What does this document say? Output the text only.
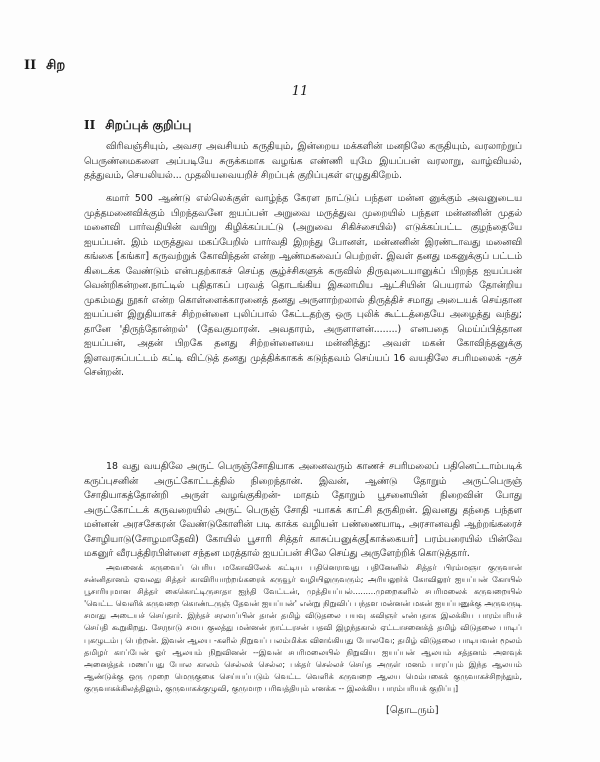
II சிற
11
II சிறப்புக் குறிப்பு
விரிவஞ்சியும், அவசர அவசியம் கருதியும், இன்றைய மக்களின் மனநிலே கருதியும், வரலாற்றுப் பெருண்மைகளை அப்படியே சுருக்கமாக வழங்க எண்ணி யுமே இயப்பன் வரலாறு, வாழ்வியல், தத்துவம், செயலியல்... முதலியவையறிச் சிறப்புக் குறிப்புகள் எழுதுகிறேம்.
கமார் 500 ஆண்டு எல்லெக்குள் வாழ்ந்த கேரள நாட்டுப் பந்தள மன்ன னுக்கும் அவனுடைய முத்தமனைவிக்கும் பிறந்தவனே ஐயப்பன் அறுவை மருத்துவ முறையில் பந்தள மன்னனின் முதல் மனைவி பார்வதியின் வயிறு கிழிக்கப்பட்டு (அறுவை சிகிச்சையில்) எடுக்கப்பட்ட குழந்தையே ஐயப்பன். இம் மருத்துவ மகப்பேறில் பார்வதி இறந்து போனள், மன்னனின் இரண்டாவது மனைவி கங்கை [கங்கா] கருவற்றுக் கோவிந்தன் என்ற ஆண்மகவைப் பெற்றள். இவள் தனது மகனுக்குப் பட்டம் கிடைக்க வேண்டும் என்பதற்காகச் செய்த சூழ்ச்சிகளுக் கருவில் திருவுடையானுக்ப் பிறந்த ஐயப்பன் வென்றிகன்றன.நாட்டில் புதிதாகப் பரவத் தொடங்கிய இசுலாமிய ஆட்சியின் பெயரால் தோன்றிய முகம்மது நூகர் என்ற கொள்ளைக்காரனைத் தனது அருளாற்றலால் திருத்திச் சமாது அடையக் செய்தான ஐயப்பன் இறுதியாகச் சிற்றன்னை புலிப்பால் கேட்டதற்கு ஒரு புலிக் கூட்டத்தையே அழைத்து வந்து; தானே 'திருந்தோன்றல்' (தேவகுமாரன். அவதாரம், அருளாளன்........) எனபதை மெய்ப்பித்தான ஐயப்பன், அதன் பிறகே தனது சிற்றன்னையை மன்னித்து: அவள் மகன் கோவிந்தனுக்கு இளவரசுப்பட்டம் கட்டி விட்டுத் தனது முத்திக்காகக் கடுந்தவம் செய்யப் 16 வயதிலே சபரிமலைக் -குச் சென்றன்.
18 வது வயதிலே அருட் பெருஞ்சோதியாக அனைவரும் காணச் சபரிமலைப் பதினெட்டாம்படிக் கருப்புசனின் அருட்கோட்டத்தில் நிறைந்தான். இவன், ஆண்டு தோறும் அருட்பெருஞ் சோதியாகத்தோன்றி அருள் வழங்குகிறன்- மாதம் தோறும் பூசனையின் நிறைவின் போது அருட்கோட்டக் கருவறையில் அருட் பெருஞ் சோதி -யாகக் காட்சி தருகிறன். இவனது தந்தை பந்தள மன்னன் அரசசேகரன் வேண்டுகோளின் படி காக்க வழியன் பண்ணையாடி, அரசானவதி ஆற்றங்கரைச் சோழியாடு(சோழமாதேவி) கோயில் பூசாரி சித்தர் காசுப்பனுக்கு[காக்கையர்] பரம்பரையில் பின்வே மகனுர் வீரபத்திரபிள்ளை சந்தன மரத்தால் ஐயப்பன் சிலே செய்து அருளேற்றிக் கொடுத்தார்.
அவனைக் கருவைப் பெரிய மகோவிலேக் கட்டிய பதினெராவது பதினேனில் சித்தர் பிரம்மஞா குருவான் சன்னிதானம் ஏவலது சித்தர் காவிரியாற்றங்கரைக் கருவூர் வழியிலுருவரும்; அரியலூர்க் கோவிலூர் ஐயப்பன் கோயில் பூசாரியுமான சித்தர் கைகொட்டிருசாதா ஐந்தி வேட்டன், முத்தியப்பல்.........முறைகளில் சபரிமலைக் கருவறையில் 'வெட்ட வெளிக் கருவறை கொண்டருஞ் தேவன் ஐயப்பன்' என்று நிறுவிப் பந்தள மன்னன் மகன் ஐயப்பனுக்கு அருவருடி சமாது அடையச் செய்தார். இந்தச் சரலாப்பின் தான் தமிழ் விடுதலை பயவு கவிஞர் என்பதாக இலக்கிய பாரம்பரியச் செய்தி கூறுகிறது. சேரநாடு சமய குலத்து மன்னன் நாட்டரசன் பதவி இழந்தகால் ஏட்டாசனைக்த் தமிழ் விடுதலை பாடிப் புகழுடம்பு பெற்றன். இவன் ஆலய -களில் நிறுவப் பலம்மிக்க விளங்கியது போலவே; தமிழ் விடுதலை பாடியவன் மூலம் தமிழர் காப்பேன் ஓர் ஆலயம் நிறுவினன் --இவன் சபரிமலையில் நிறுவிய ஐயப்பன் ஆலயம் சத்தனம் அளவுக் அனைத்தக் மணப்பது போல காலம் செல்லக் செல்ல; பக்தர் செல்லச் செய்த அருள் மனம் பாரப்பும் இந்த ஆலயம் ஆண்டுக்கு ஒரு முறை மெருகுகை செய்யப்படும் வெட்ட வெளிக் கருவறை ஆலய மெம்பகைக் குருவாகச்சிறந்தும், குருவாகக்கிலத்திலும், குருவாகக்குழுவி, குருமாற பரிவத்தியும் எனக்க -- இலக்கிய பாரம்பரியக் குறிப்பு]
[தொடரும்]
